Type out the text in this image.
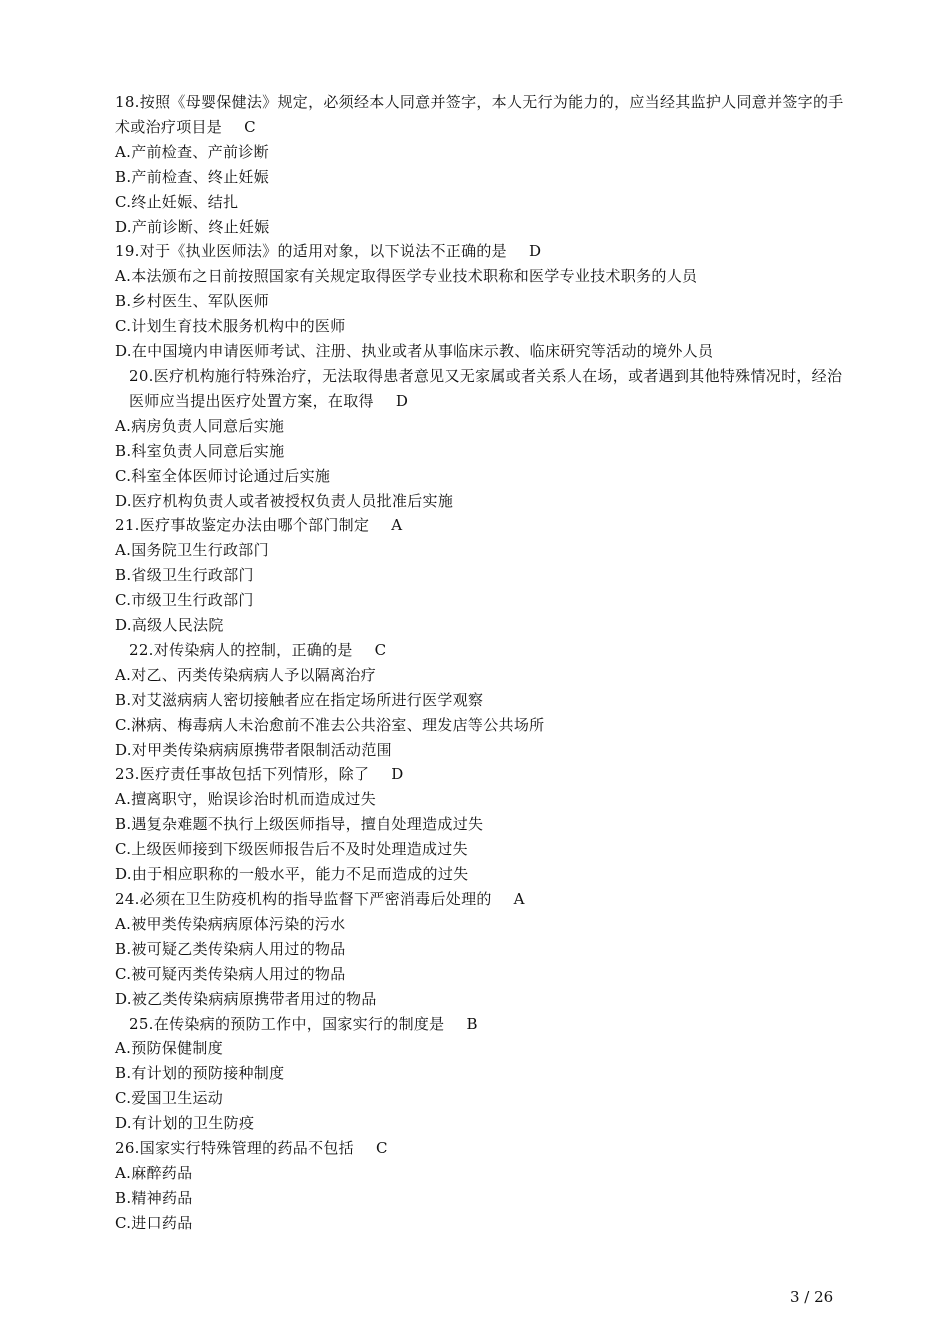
18.按照《母婴保健法》规定，必须经本人同意并签字，本人无行为能力的，应当经其监护人同意并签字的手术或治疗项目是 C
A.产前检查、产前诊断
B.产前检查、终止妊娠
C.终止妊娠、结扎
D.产前诊断、终止妊娠
19.对于《执业医师法》的适用对象，以下说法不正确的是 D
A.本法颁布之日前按照国家有关规定取得医学专业技术职称和医学专业技术职务的人员
B.乡村医生、军队医师
C.计划生育技术服务机构中的医师
D.在中国境内申请医师考试、注册、执业或者从事临床示教、临床研究等活动的境外人员
20.医疗机构施行特殊治疗，无法取得患者意见又无家属或者关系人在场，或者遇到其他特殊情况时，经治医师应当提出医疗处置方案，在取得 D
A.病房负责人同意后实施
B.科室负责人同意后实施
C.科室全体医师讨论通过后实施
D.医疗机构负责人或者被授权负责人员批准后实施
21.医疗事故鉴定办法由哪个部门制定 A
A.国务院卫生行政部门
B.省级卫生行政部门
C.市级卫生行政部门
D.高级人民法院
22.对传染病人的控制，正确的是 C
A.对乙、丙类传染病病人予以隔离治疗
B.对艾滋病病人密切接触者应在指定场所进行医学观察
C.淋病、梅毒病人未治愈前不准去公共浴室、理发店等公共场所
D.对甲类传染病病原携带者限制活动范围
23.医疗责任事故包括下列情形，除了 D
A.擅离职守，贻误诊治时机而造成过失
B.遇复杂难题不执行上级医师指导，擅自处理造成过失
C.上级医师接到下级医师报告后不及时处理造成过失
D.由于相应职称的一般水平，能力不足而造成的过失
24.必须在卫生防疫机构的指导监督下严密消毒后处理的 A
A.被甲类传染病病原体污染的污水
B.被可疑乙类传染病人用过的物品
C.被可疑丙类传染病人用过的物品
D.被乙类传染病病原携带者用过的物品
25.在传染病的预防工作中，国家实行的制度是 B
A.预防保健制度
B.有计划的预防接种制度
C.爱国卫生运动
D.有计划的卫生防疫
26.国家实行特殊管理的药品不包括 C
A.麻醉药品
B.精神药品
C.进口药品
3 / 26
